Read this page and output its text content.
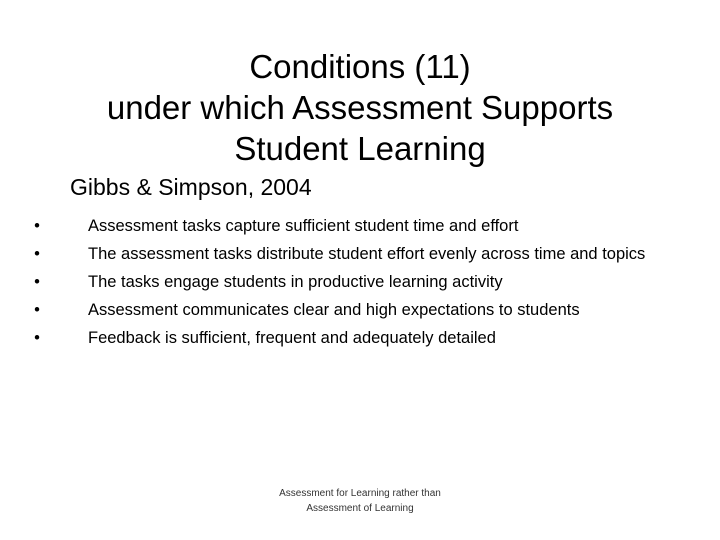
Conditions (11)
under which Assessment Supports
Student Learning
Gibbs & Simpson, 2004
•	Assessment tasks capture sufficient student time and effort
•	The assessment tasks distribute student effort evenly across time and topics
•	The tasks engage students in productive learning activity
•	Assessment communicates clear and high expectations to students
•	Feedback is sufficient, frequent and adequately detailed
Assessment for Learning rather than
Assessment of Learning
